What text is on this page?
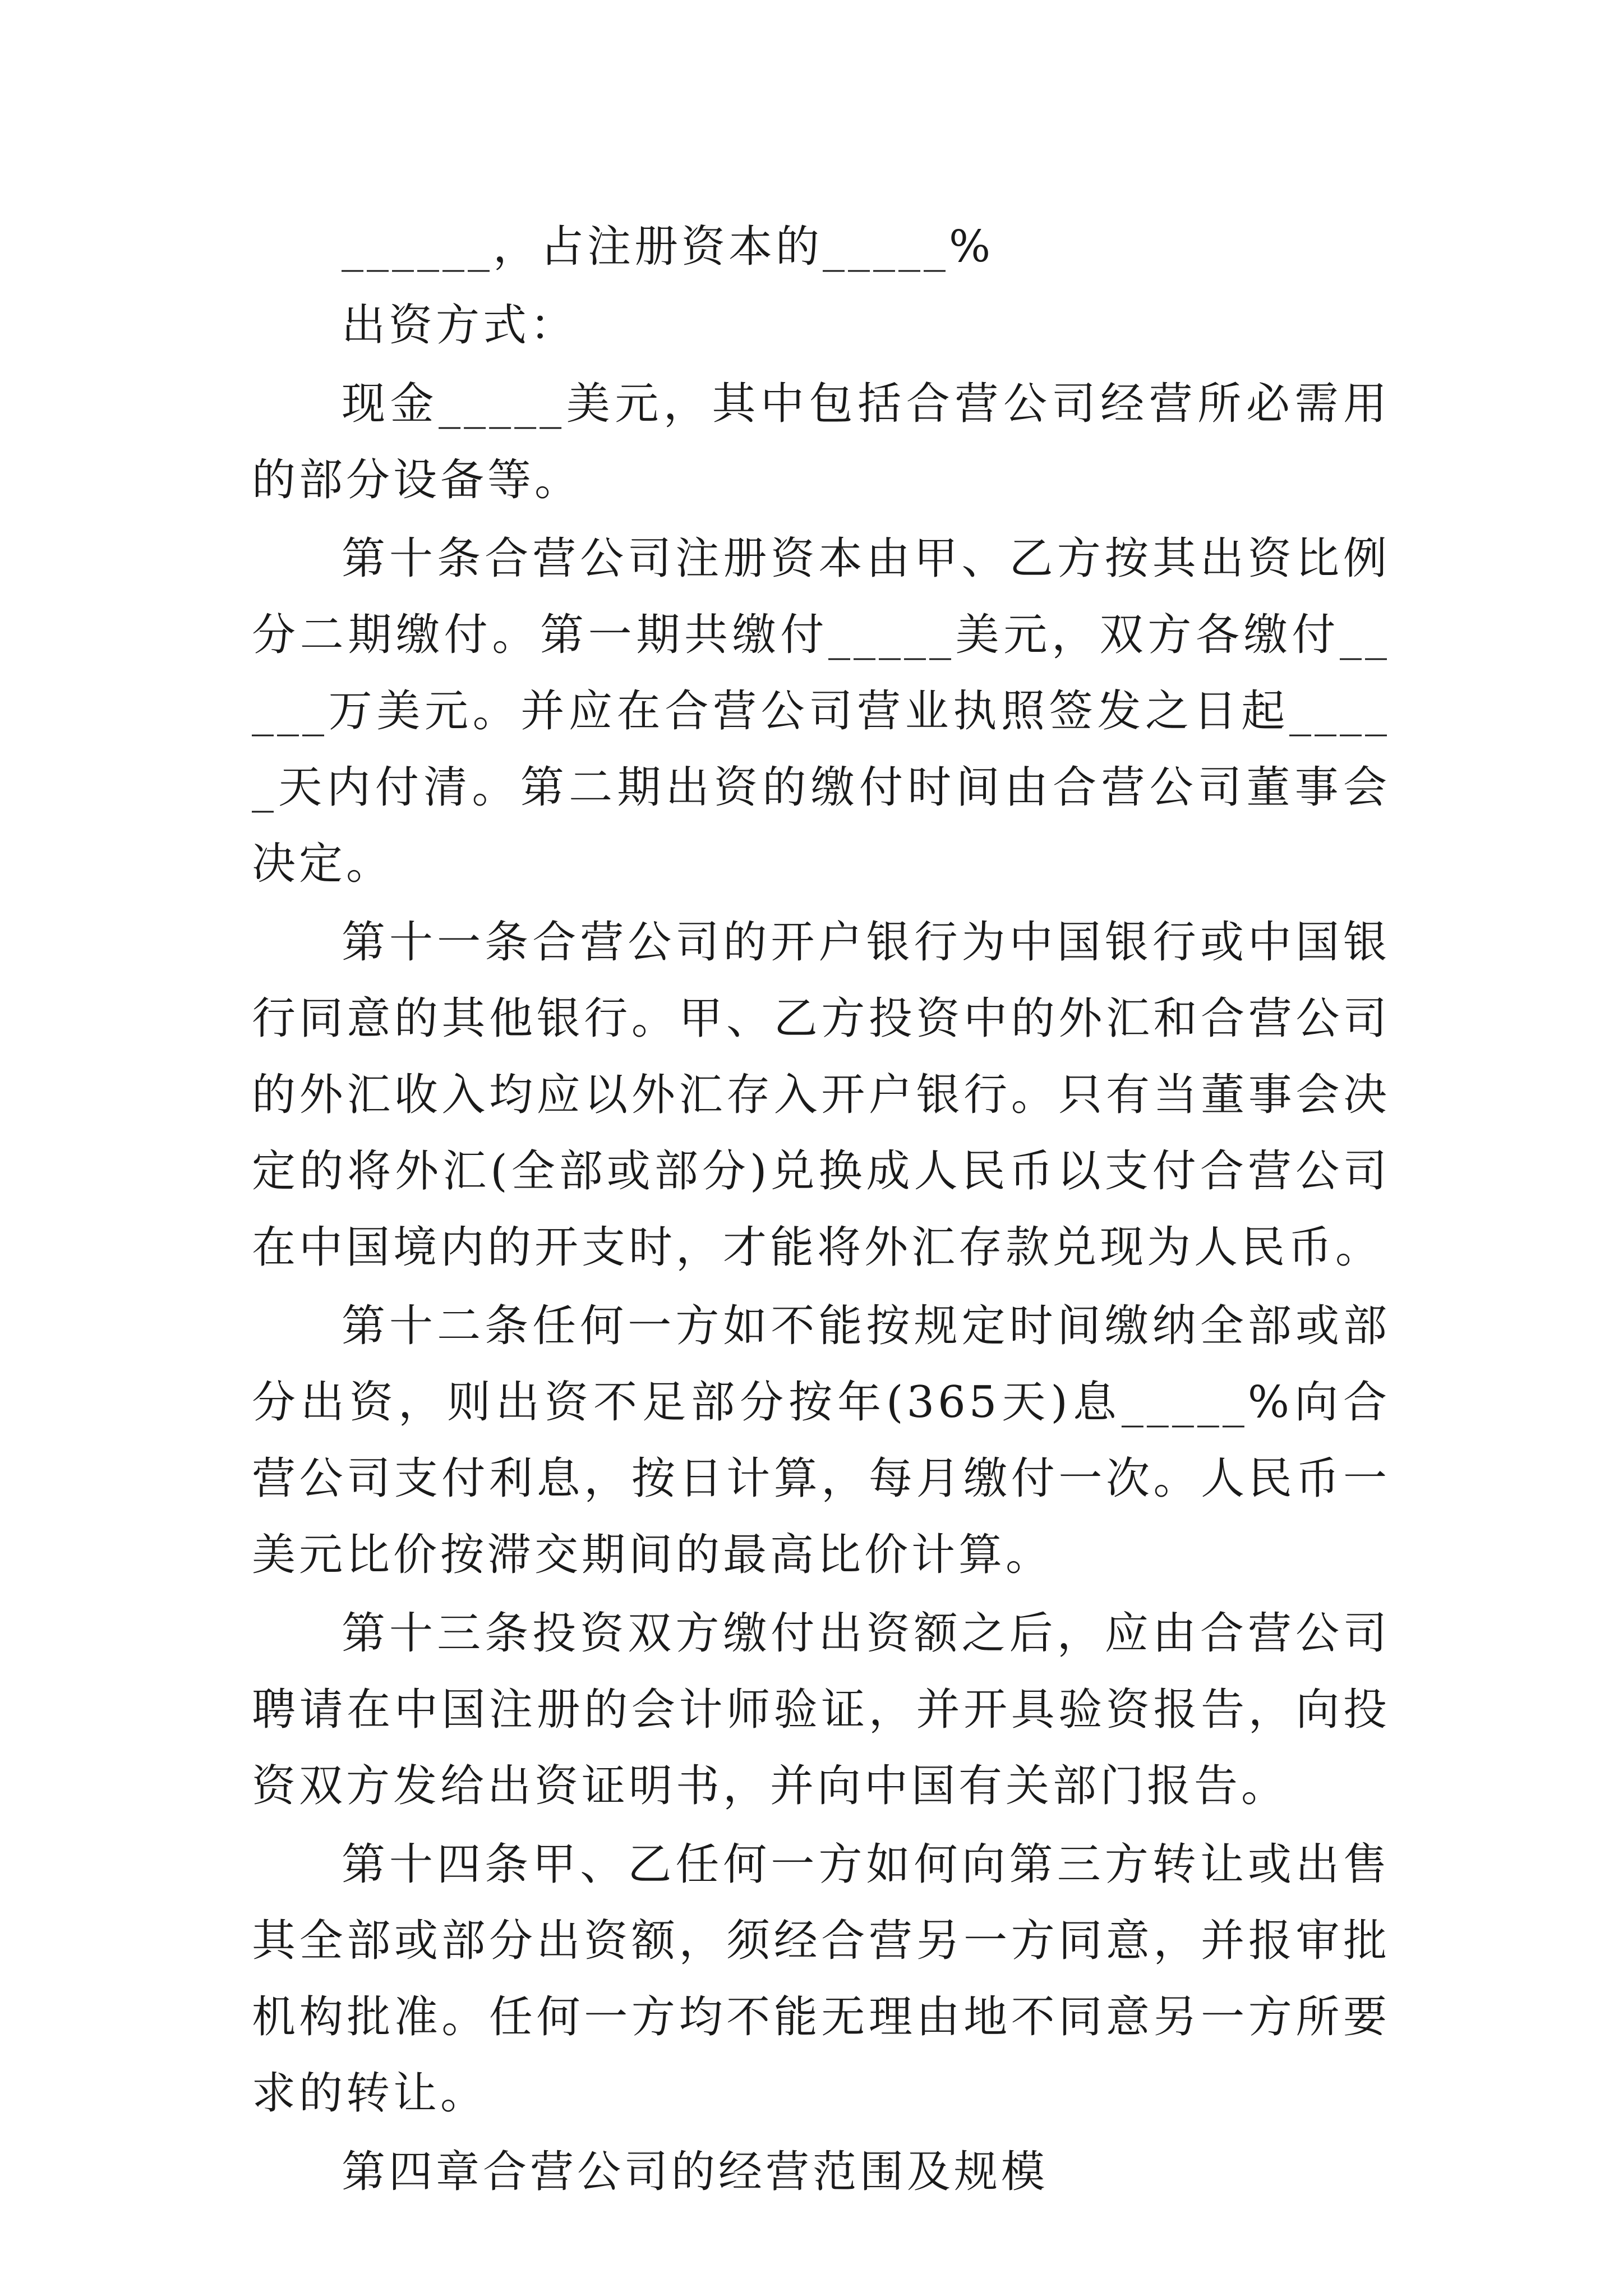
______，占注册资本的_____%

出资方式：

现金_____美元，其中包括合营公司经营所必需用的部分设备等。

第十条合营公司注册资本由甲、乙方按其出资比例分二期缴付。第一期共缴付_____美元，双方各缴付_____万美元。并应在合营公司营业执照签发之日起_____天内付清。第二期出资的缴付时间由合营公司董事会决定。

第十一条合营公司的开户银行为中国银行或中国银行同意的其他银行。甲、乙方投资中的外汇和合营公司的外汇收入均应以外汇存入开户银行。只有当董事会决定的将外汇(全部或部分)兑换成人民币以支付合营公司在中国境内的开支时，才能将外汇存款兑现为人民币。

第十二条任何一方如不能按规定时间缴纳全部或部分出资，则出资不足部分按年(365天)息_____%向合营公司支付利息，按日计算，每月缴付一次。人民币一美元比价按滞交期间的最高比价计算。

第十三条投资双方缴付出资额之后，应由合营公司聘请在中国注册的会计师验证，并开具验资报告，向投资双方发给出资证明书，并向中国有关部门报告。

第十四条甲、乙任何一方如何向第三方转让或出售其全部或部分出资额，须经合营另一方同意，并报审批机构批准。任何一方均不能无理由地不同意另一方所要求的转让。

第四章合营公司的经营范围及规模
